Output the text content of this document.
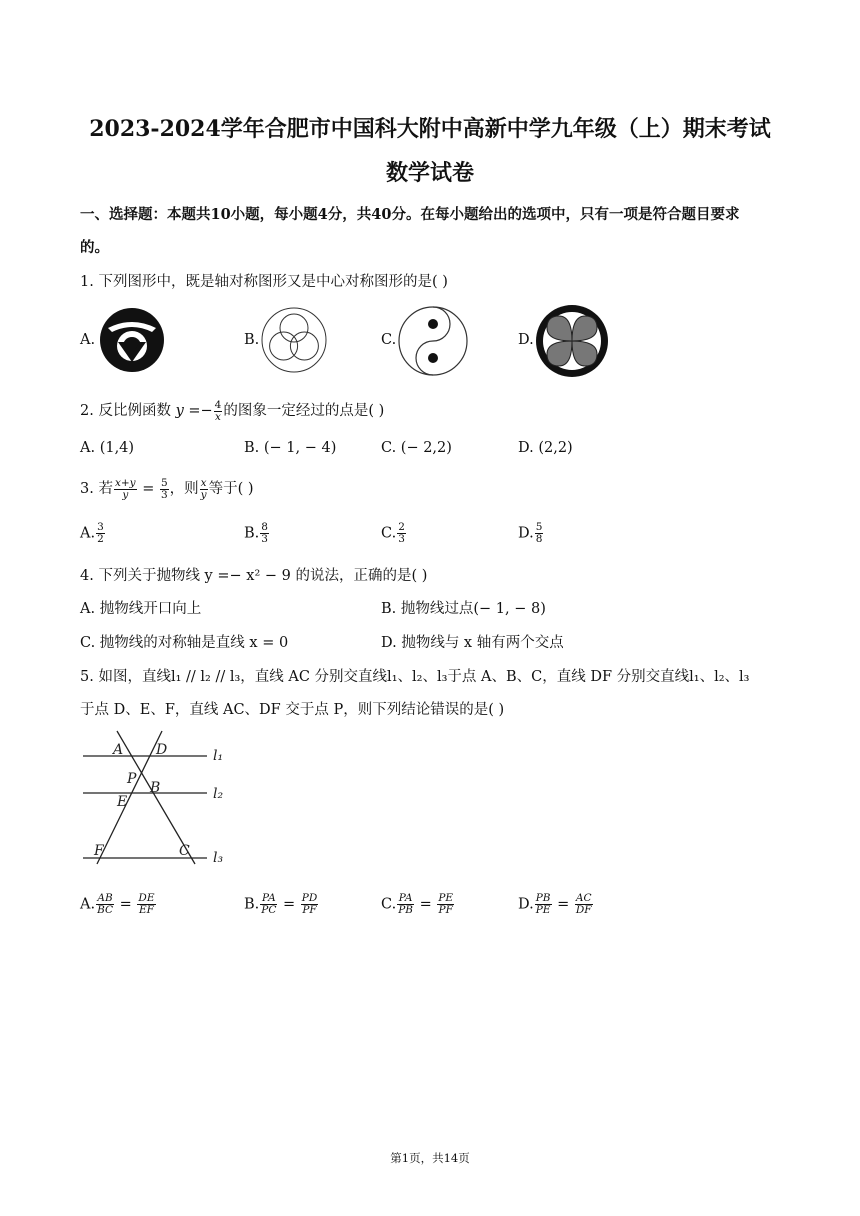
2023-2024学年合肥市中国科大附中高新中学九年级（上）期末考试
数学试卷
一、选择题：本题共10小题，每小题4分，共40分。在每小题给出的选项中，只有一项是符合题目要求
的。
1. 下列图形中，既是轴对称图形又是中心对称图形的是( )
A.	B.	C.	D.
2. 反比例函数 $y =- \frac{4}{x}$ 的图象一定经过的点是( )
A. (1,4)	B. (− 1, − 4)	C. (− 2,2)	D. (2,2)
3. 若 $\frac{x+y}{y} = \frac{5}{3}$ ，则 $\frac{x}{y}$ 等于( )
A. $\frac{3}{2}$	B. $\frac{8}{3}$	C. $\frac{2}{3}$	D. $\frac{5}{8}$
4. 下列关于抛物线 y =− x² − 9 的说法，正确的是( )
A. 抛物线开口向上	B. 抛物线过点(− 1, − 8)
C. 抛物线的对称轴是直线 x = 0	D. 抛物线与 x 轴有两个交点
5. 如图，直线l₁ // l₂ // l₃，直线 AC 分别交直线l₁、l₂、l₃于点 A、B、C，直线 DF 分别交直线l₁、l₂、l₃
于点 D、E、F，直线 AC、DF 交于点 P，则下列结论错误的是( )
A D	l₁
P
B
E	l₂
F	C l₃
A. $\frac{AB}{BC} = \frac{DE}{EF}$	B. $\frac{PA}{PC} = \frac{PD}{PF}$	C. $\frac{PA}{PB} = \frac{PE}{PF}$	D. $\frac{PB}{PE} = \frac{AC}{DF}$
第1页，共14页
